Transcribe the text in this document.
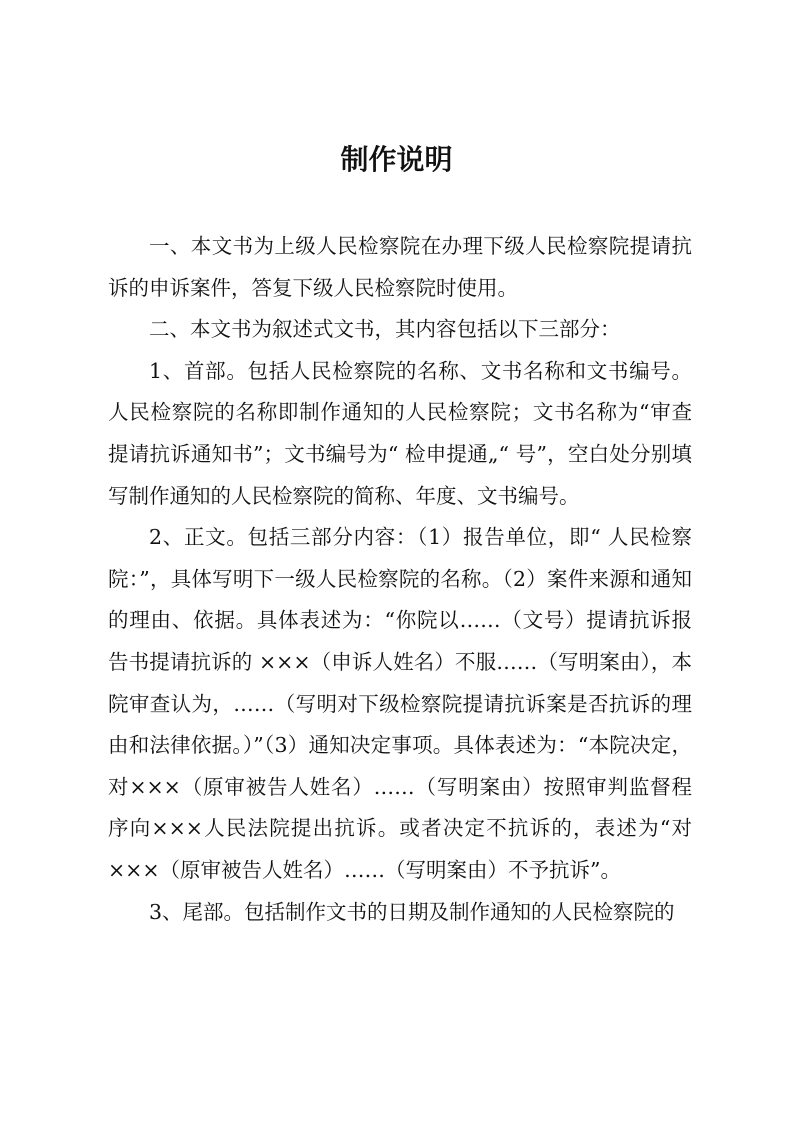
制作说明

一、本文书为上级人民检察院在办理下级人民检察院提请抗诉的申诉案件，答复下级人民检察院时使用。

二、本文书为叙述式文书，其内容包括以下三部分：

1、首部。包括人民检察院的名称、文书名称和文书编号。人民检察院的名称即制作通知的人民检察院；文书名称为“审查提请抗诉通知书”；文书编号为“ 检申提通„“ 号”，空白处分别填写制作通知的人民检察院的简称、年度、文书编号。

2、正文。包括三部分内容：（1）报告单位，即“ 人民检察院：”，具体写明下一级人民检察院的名称。（2）案件来源和通知的理由、依据。具体表述为：“你院以……（文号）提请抗诉报告书提请抗诉的 ×××（申诉人姓名）不服……（写明案由），本院审查认为，……（写明对下级检察院提请抗诉案是否抗诉的理由和法律依据。）”（3）通知决定事项。具体表述为：“本院决定，对×××（原审被告人姓名）……（写明案由）按照审判监督程序向×××人民法院提出抗诉。或者决定不抗诉的，表述为“对×××（原审被告人姓名）……（写明案由）不予抗诉”。

3、尾部。包括制作文书的日期及制作通知的人民检察院的
